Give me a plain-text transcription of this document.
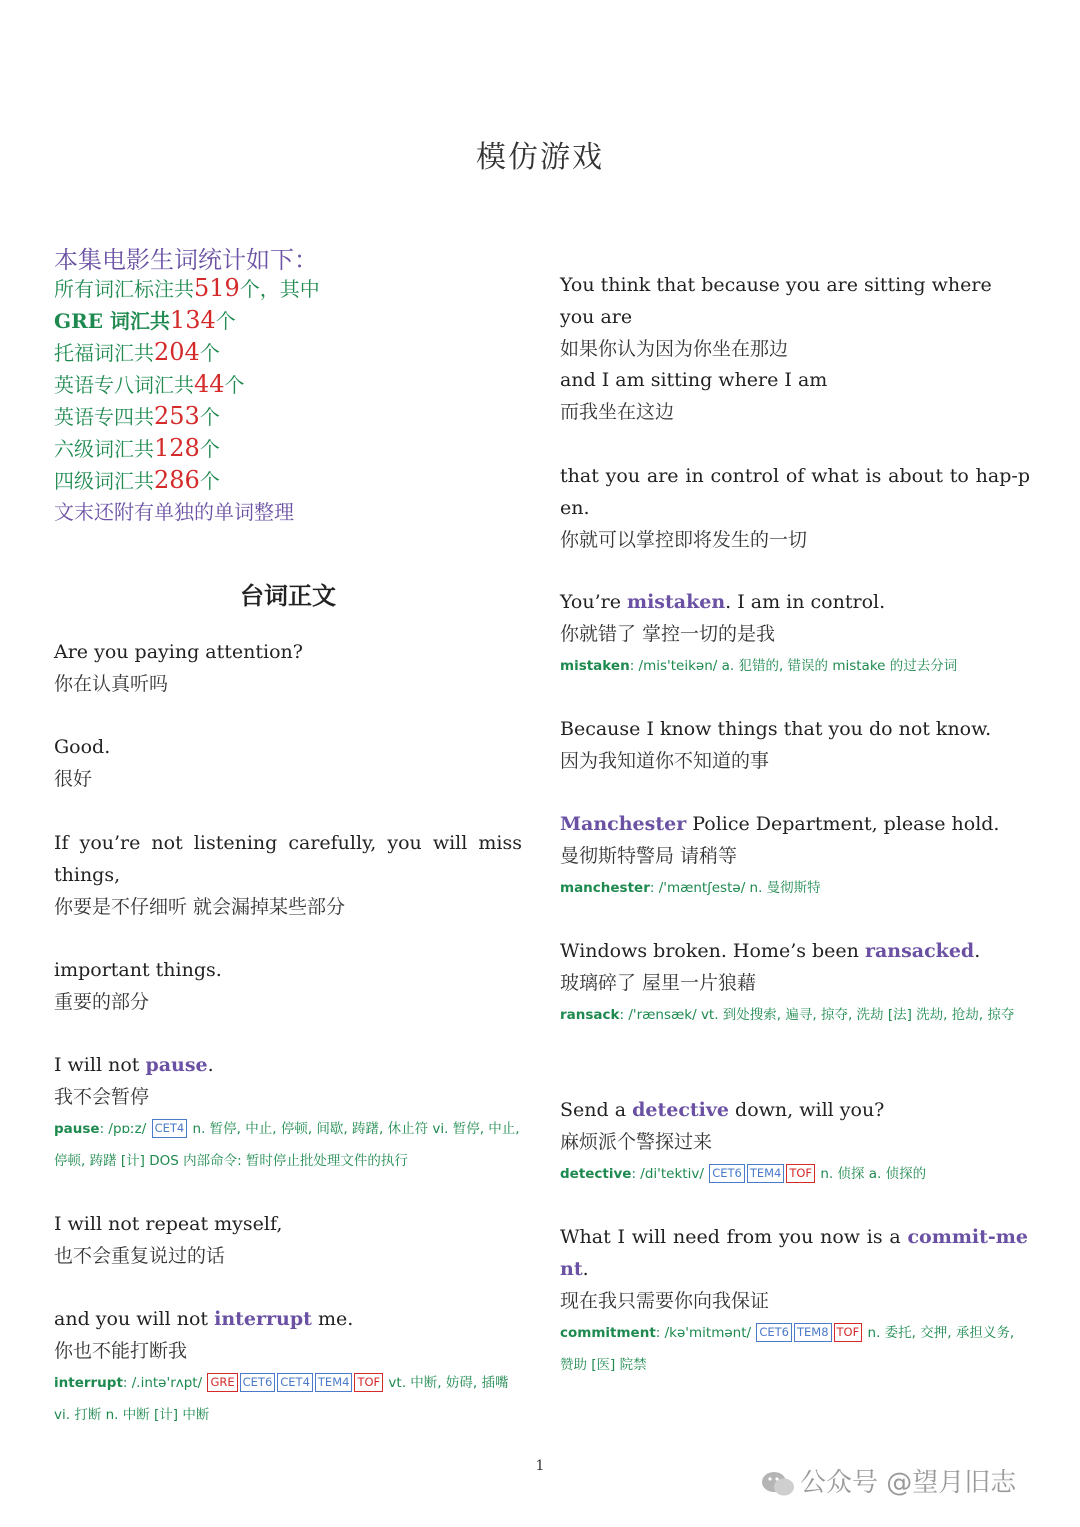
模仿游戏
本集电影生词统计如下：
所有词汇标注共519个，其中
GRE 词汇共134个
托福词汇共204个
英语专八词汇共44个
英语专四共253个
六级词汇共128个
四级词汇共286个
文末还附有单独的单词整理
台词正文
Are you paying attention?
你在认真听吗
Good.
很好
If you’re not listening carefully, you will miss things,
你要是不仔细听 就会漏掉某些部分
important things.
重要的部分
I will not pause.
我不会暂停
pause: /pɒːz/ CET4 n. 暂停, 中止, 停顿, 间歇, 踌躇, 休止符 vi. 暂停, 中止, 停顿, 踌躇 [计] DOS 内部命令: 暂时停止批处理文件的执行
I will not repeat myself,
也不会重复说过的话
and you will not interrupt me.
你也不能打断我
interrupt: /.intə'rʌpt/ GRE CET6 CET4 TEM4 TOF vt. 中断, 妨碍, 插嘴 vi. 打断 n. 中断 [计] 中断
You think that because you are sitting where you are
如果你认为因为你坐在那边
and I am sitting where I am
而我坐在这边
that you are in control of what is about to hap-pen.
你就可以掌控即将发生的一切
You’re mistaken. I am in control.
你就错了 掌控一切的是我
mistaken: /mis'teikən/ a. 犯错的, 错误的 mistake 的过去分词
Because I know things that you do not know.
因为我知道你不知道的事
Manchester Police Department, please hold.
曼彻斯特警局 请稍等
manchester: /'mæntʃestə/ n. 曼彻斯特
Windows broken. Home’s been ransacked.
玻璃碎了 屋里一片狼藉
ransack: /'rænsæk/ vt. 到处搜索, 遍寻, 掠夺, 洗劫 [法] 洗劫, 抢劫, 掠夺
Send a detective down, will you?
麻烦派个警探过来
detective: /di'tektiv/ CET6 TEM4 TOF n. 侦探 a. 侦探的
What I will need from you now is a commit-ment.
现在我只需要你向我保证
commitment: /kə'mitmənt/ CET6 TEM8 TOF n. 委托, 交押, 承担义务, 赞助 [医] 院禁
1
公众号 @望月旧志
